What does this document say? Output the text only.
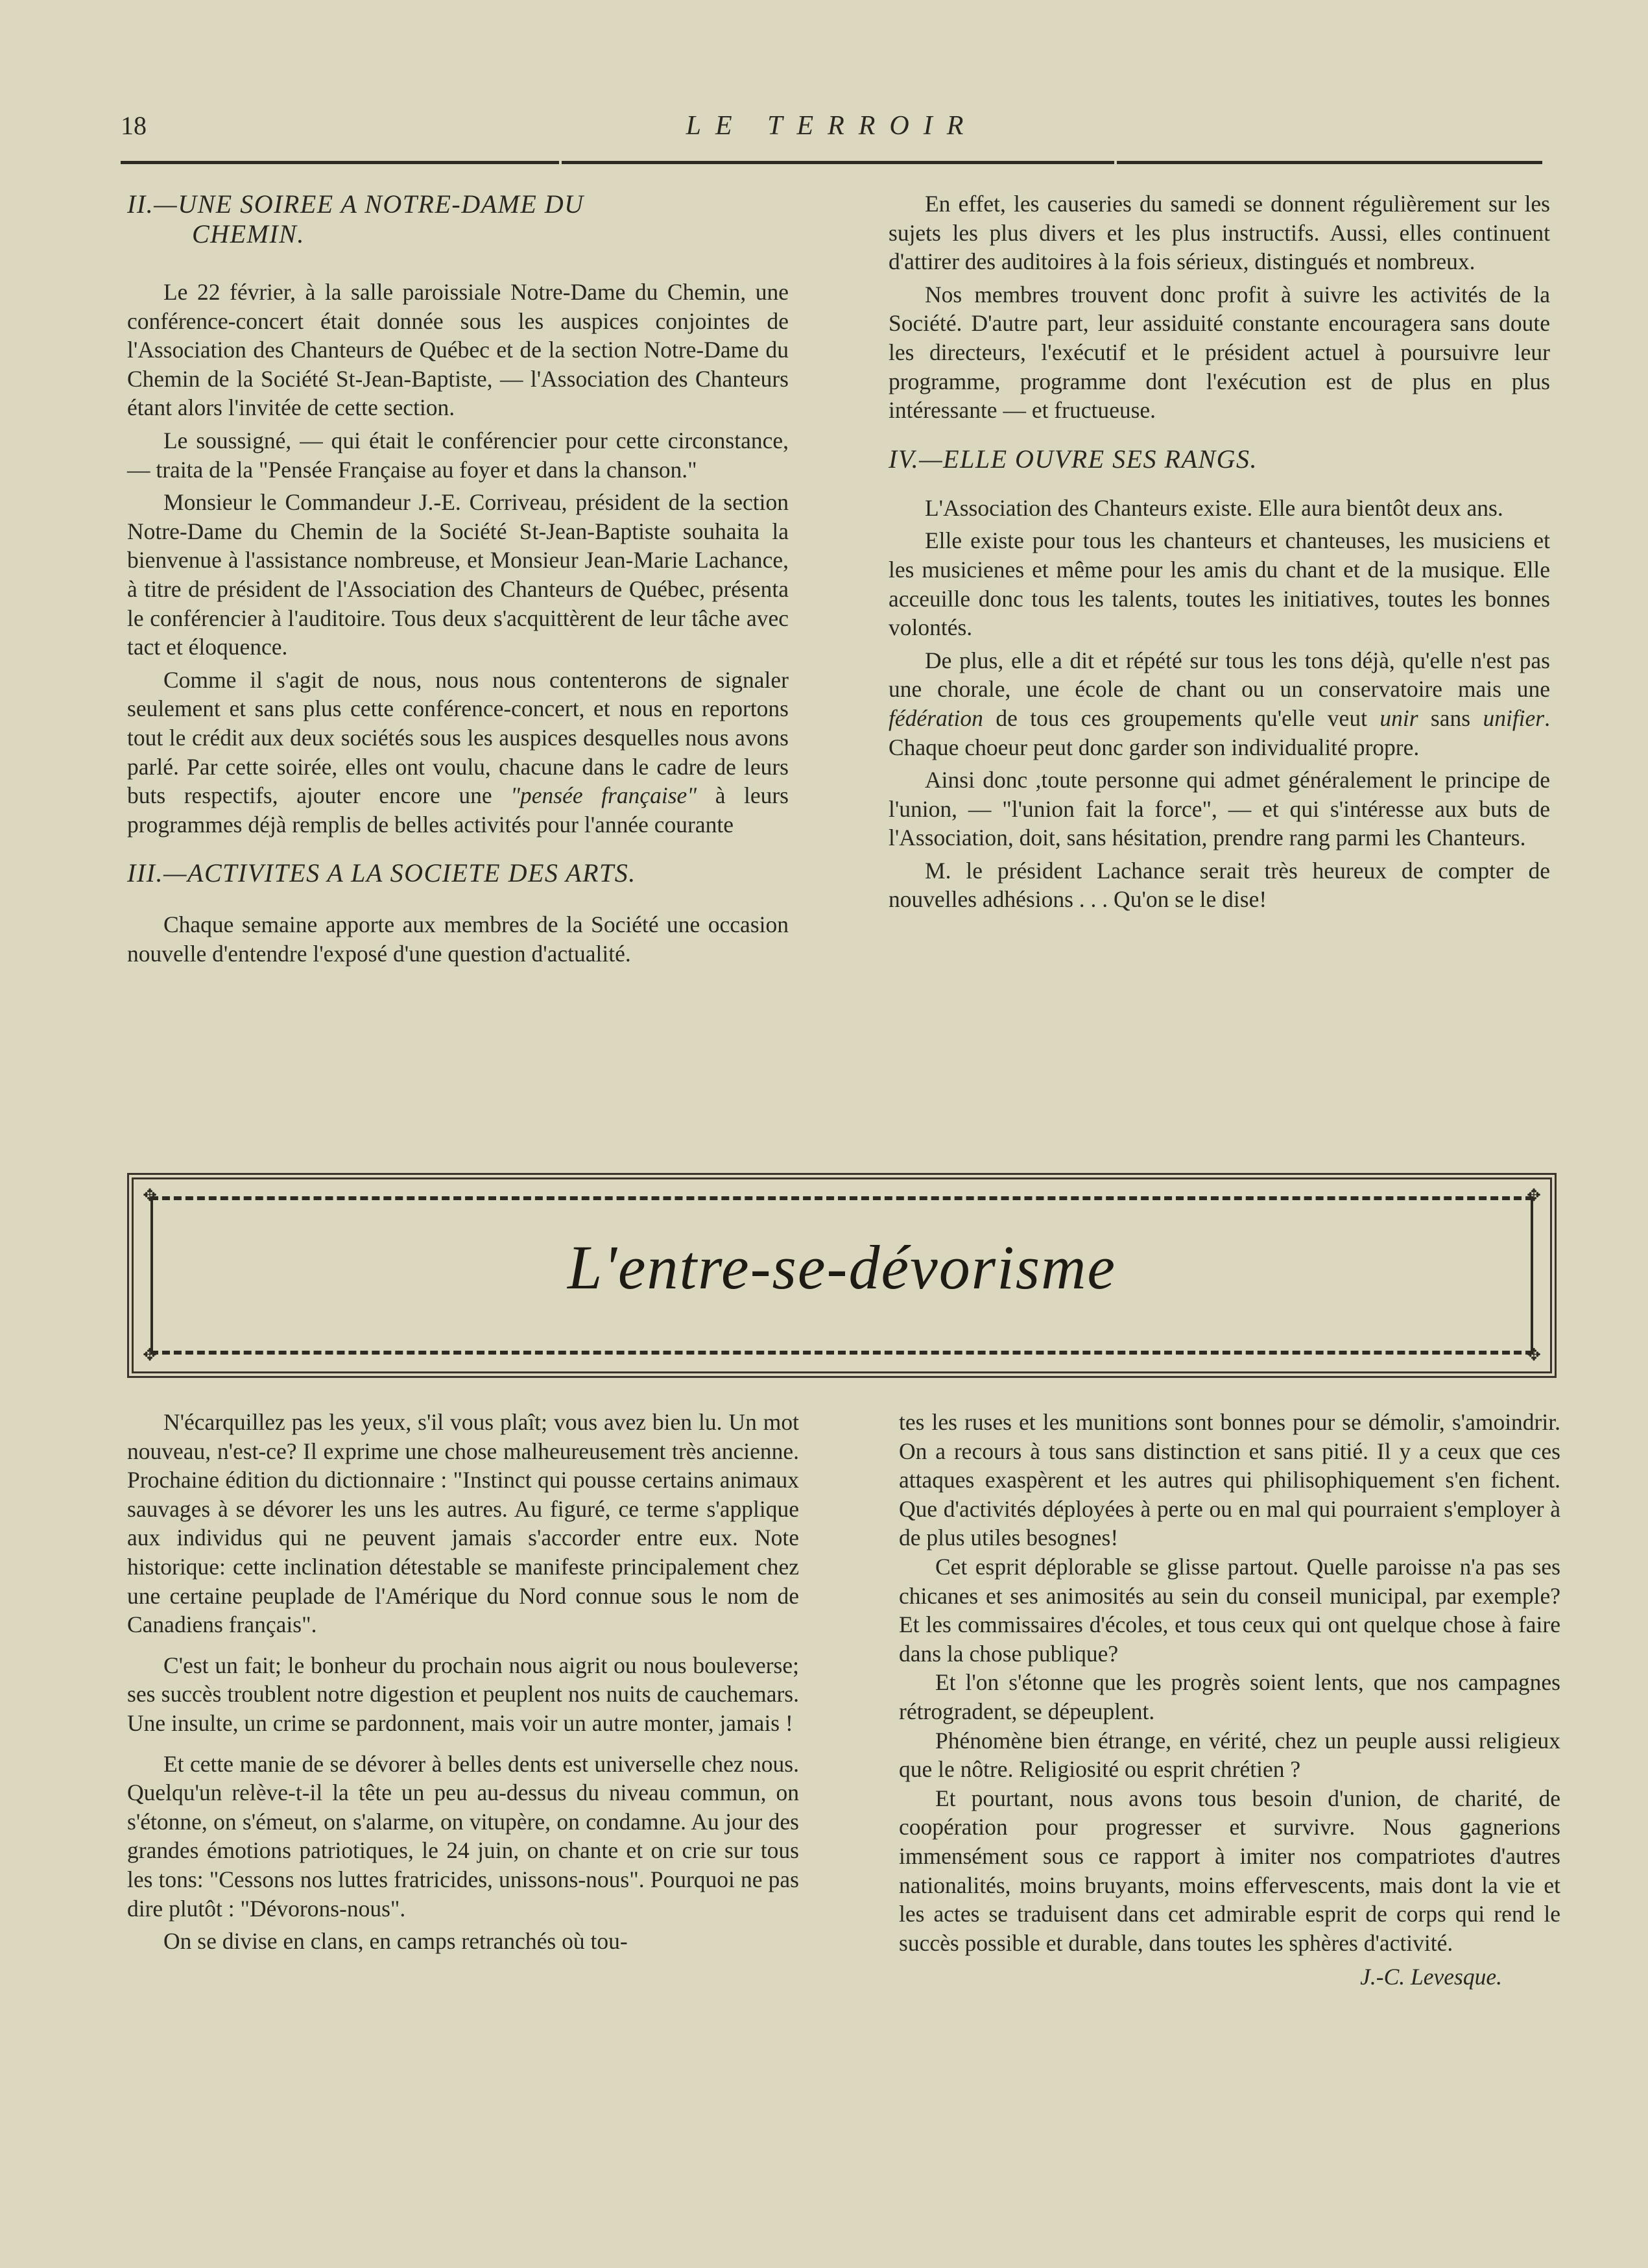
18	LE TERROIR
II.—UNE SOIREE A NOTRE-DAME DU
CHEMIN.

Le 22 février, à la salle paroissiale Notre-Dame du Chemin, une conférence-concert était donnée sous les auspices conjointes de l'Association des Chanteurs de Québec et de la section Notre-Dame du Chemin de la Société St-Jean-Baptiste, — l'Association des Chanteurs étant alors l'invitée de cette section.

Le soussigné, — qui était le conférencier pour cette circonstance, — traita de la "Pensée Française au foyer et dans la chanson."

Monsieur le Commandeur J.-E. Corriveau, président de la section Notre-Dame du Chemin de la Société St-Jean-Baptiste souhaita la bienvenue à l'assistance nombreuse, et Monsieur Jean-Marie Lachance, à titre de président de l'Association des Chanteurs de Québec, présenta le conférencier à l'auditoire. Tous deux s'acquittèrent de leur tâche avec tact et éloquence.

Comme il s'agit de nous, nous nous contenterons de signaler seulement et sans plus cette conférence-concert, et nous en reportons tout le crédit aux deux sociétés sous les auspices desquelles nous avons parlé. Par cette soirée, elles ont voulu, chacune dans le cadre de leurs buts respectifs, ajouter encore une "pensée française" à leurs programmes déjà remplis de belles activités pour l'année courante

III.—ACTIVITES A LA SOCIETE DES ARTS.

Chaque semaine apporte aux membres de la Société une occasion nouvelle d'entendre l'exposé d'une question d'actualité.

En effet, les causeries du samedi se donnent régulièrement sur les sujets les plus divers et les plus instructifs. Aussi, elles continuent d'attirer des auditoires à la fois sérieux, distingués et nombreux.

Nos membres trouvent donc profit à suivre les activités de la Société. D'autre part, leur assiduité constante encouragera sans doute les directeurs, l'exécutif et le président actuel à poursuivre leur programme, programme dont l'exécution est de plus en plus intéressante — et fructueuse.

IV.—ELLE OUVRE SES RANGS.

L'Association des Chanteurs existe. Elle aura bientôt deux ans.

Elle existe pour tous les chanteurs et chanteuses, les musiciens et les musicienes et même pour les amis du chant et de la musique. Elle acceuille donc tous les talents, toutes les initiatives, toutes les bonnes volontés.

De plus, elle a dit et répété sur tous les tons déjà, qu'elle n'est pas une chorale, une école de chant ou un conservatoire mais une fédération de tous ces groupements qu'elle veut unir sans unifier. Chaque choeur peut donc garder son individualité propre.

Ainsi donc ,toute personne qui admet généralement le principe de l'union, — "l'union fait la force", — et qui s'intéresse aux buts de l'Association, doit, sans hésitation, prendre rang parmi les Chanteurs.

M. le président Lachance serait très heureux de compter de nouvelles adhésions . . . Qu'on se le dise!

✥	✥
✥	✥
L'entre-se-dévorisme

N'écarquillez pas les yeux, s'il vous plaît; vous avez bien lu. Un mot nouveau, n'est-ce? Il exprime une chose malheureusement très ancienne. Prochaine édition du dictionnaire : "Instinct qui pousse certains animaux sauvages à se dévorer les uns les autres. Au figuré, ce terme s'applique aux individus qui ne peuvent jamais s'accorder entre eux. Note historique: cette inclination détestable se manifeste principalement chez une certaine peuplade de l'Amérique du Nord connue sous le nom de Canadiens français".

C'est un fait; le bonheur du prochain nous aigrit ou nous bouleverse; ses succès troublent notre digestion et peuplent nos nuits de cauchemars. Une insulte, un crime se pardonnent, mais voir un autre monter, jamais !

Et cette manie de se dévorer à belles dents est universelle chez nous. Quelqu'un relève-t-il la tête un peu au-dessus du niveau commun, on s'étonne, on s'émeut, on s'alarme, on vitupère, on condamne. Au jour des grandes émotions patriotiques, le 24 juin, on chante et on crie sur tous les tons: "Cessons nos luttes fratricides, unissons-nous". Pourquoi ne pas dire plutôt : "Dévorons-nous".

On se divise en clans, en camps retranchés où tou-

tes les ruses et les munitions sont bonnes pour se démolir, s'amoindrir. On a recours à tous sans distinction et sans pitié. Il y a ceux que ces attaques exaspèrent et les autres qui philisophiquement s'en fichent. Que d'activités déployées à perte ou en mal qui pourraient s'employer à de plus utiles besognes!

Cet esprit déplorable se glisse partout. Quelle paroisse n'a pas ses chicanes et ses animosités au sein du conseil municipal, par exemple? Et les commissaires d'écoles, et tous ceux qui ont quelque chose à faire dans la chose publique?

Et l'on s'étonne que les progrès soient lents, que nos campagnes rétrogradent, se dépeuplent.

Phénomène bien étrange, en vérité, chez un peuple aussi religieux que le nôtre. Religiosité ou esprit chrétien ?

Et pourtant, nous avons tous besoin d'union, de charité, de coopération pour progresser et survivre. Nous gagnerions immensément sous ce rapport à imiter nos compatriotes d'autres nationalités, moins bruyants, moins effervescents, mais dont la vie et les actes se traduisent dans cet admirable esprit de corps qui rend le succès possible et durable, dans toutes les sphères d'activité.

J.-C. Levesque.
